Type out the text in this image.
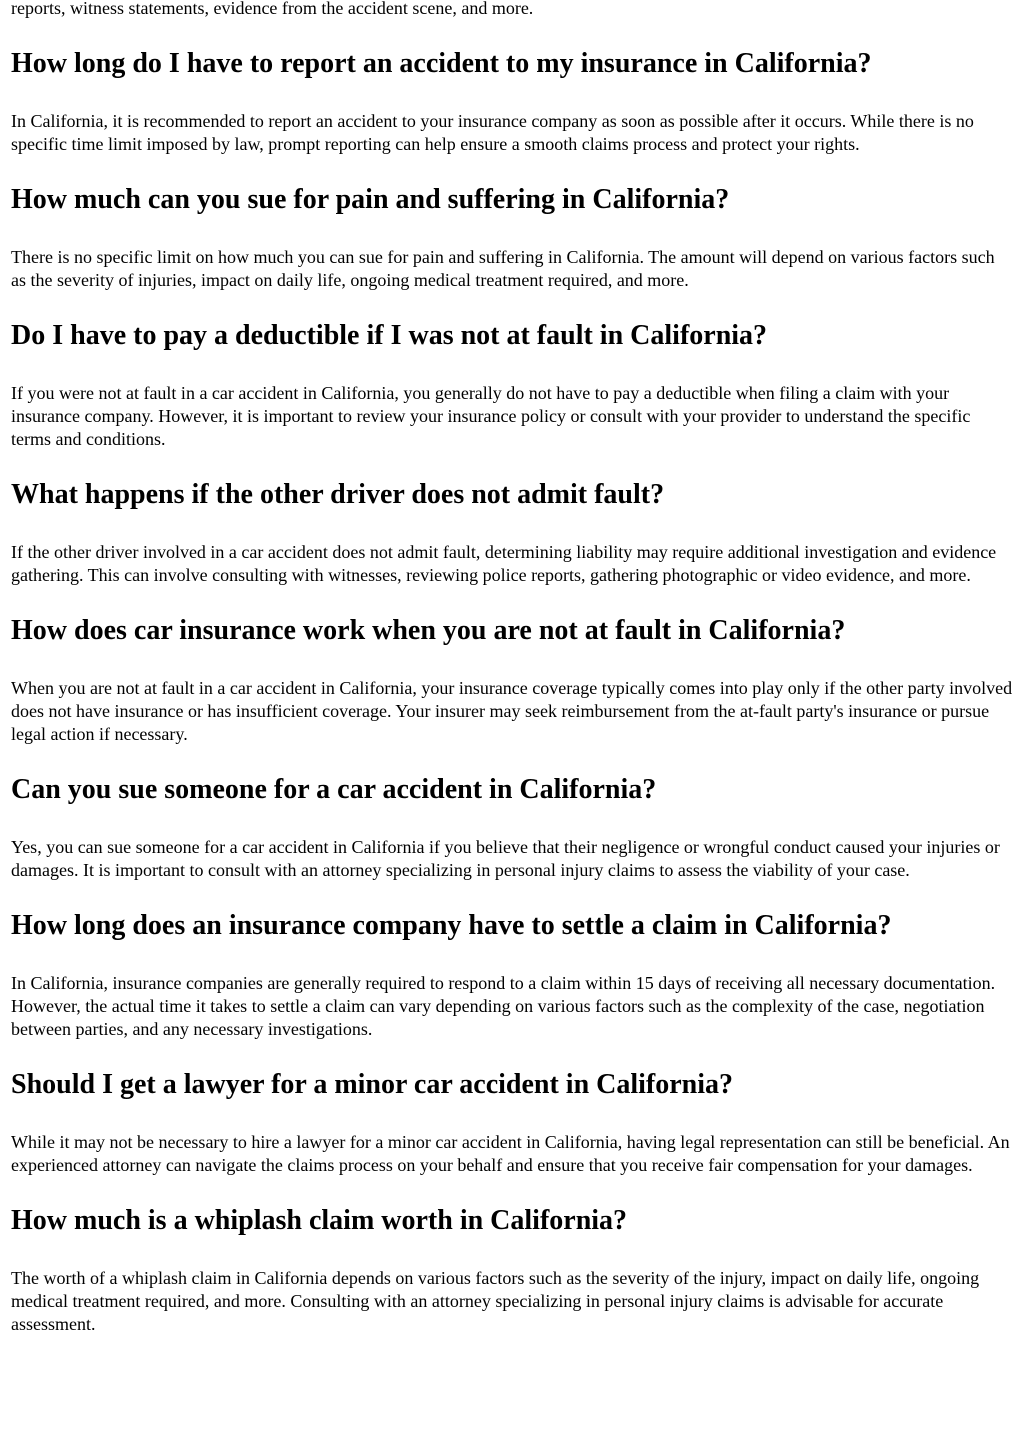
reports, witness statements, evidence from the accident scene, and more.

How long do I have to report an accident to my insurance in California?

In California, it is recommended to report an accident to your insurance company as soon as possible after it occurs. While there is no specific time limit imposed by law, prompt reporting can help ensure a smooth claims process and protect your rights.

How much can you sue for pain and suffering in California?

There is no specific limit on how much you can sue for pain and suffering in California. The amount will depend on various factors such as the severity of injuries, impact on daily life, ongoing medical treatment required, and more.

Do I have to pay a deductible if I was not at fault in California?

If you were not at fault in a car accident in California, you generally do not have to pay a deductible when filing a claim with your insurance company. However, it is important to review your insurance policy or consult with your provider to understand the specific terms and conditions.

What happens if the other driver does not admit fault?

If the other driver involved in a car accident does not admit fault, determining liability may require additional investigation and evidence gathering. This can involve consulting with witnesses, reviewing police reports, gathering photographic or video evidence, and more.

How does car insurance work when you are not at fault in California?

When you are not at fault in a car accident in California, your insurance coverage typically comes into play only if the other party involved does not have insurance or has insufficient coverage. Your insurer may seek reimbursement from the at-fault party's insurance or pursue legal action if necessary.

Can you sue someone for a car accident in California?

Yes, you can sue someone for a car accident in California if you believe that their negligence or wrongful conduct caused your injuries or damages. It is important to consult with an attorney specializing in personal injury claims to assess the viability of your case.

How long does an insurance company have to settle a claim in California?

In California, insurance companies are generally required to respond to a claim within 15 days of receiving all necessary documentation. However, the actual time it takes to settle a claim can vary depending on various factors such as the complexity of the case, negotiation between parties, and any necessary investigations.

Should I get a lawyer for a minor car accident in California?

While it may not be necessary to hire a lawyer for a minor car accident in California, having legal representation can still be beneficial. An experienced attorney can navigate the claims process on your behalf and ensure that you receive fair compensation for your damages.

How much is a whiplash claim worth in California?

The worth of a whiplash claim in California depends on various factors such as the severity of the injury, impact on daily life, ongoing medical treatment required, and more. Consulting with an attorney specializing in personal injury claims is advisable for accurate assessment.
